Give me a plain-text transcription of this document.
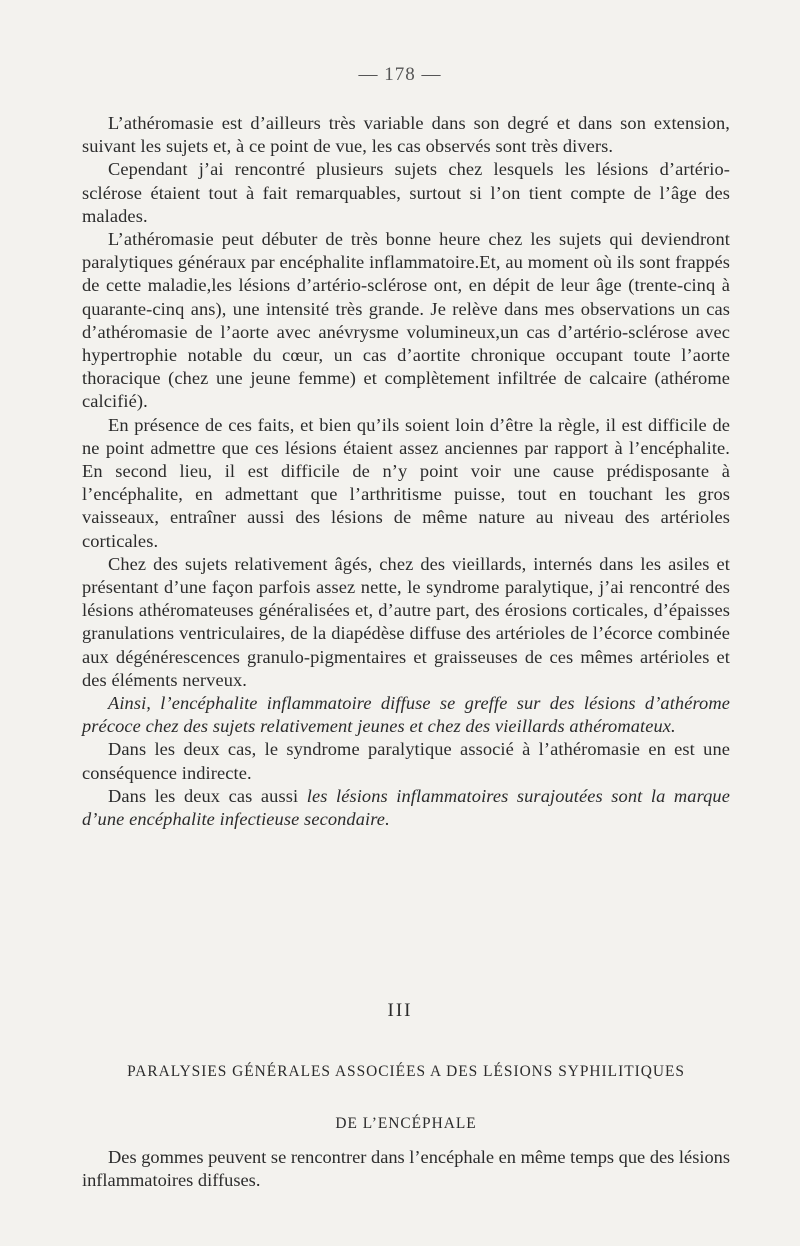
— 178 —

L’athéromasie est d’ailleurs très variable dans son degré et dans son extension, suivant les sujets et, à ce point de vue, les cas observés sont très divers.

Cependant j’ai rencontré plusieurs sujets chez lesquels les lésions d’artério-sclérose étaient tout à fait remarquables, surtout si l’on tient compte de l’âge des malades.

L’athéromasie peut débuter de très bonne heure chez les sujets qui deviendront paralytiques généraux par encéphalite inflammatoire.Et, au moment où ils sont frappés de cette maladie,les lésions d’artério-sclérose ont, en dépit de leur âge (trente-cinq à quarante-cinq ans), une intensité très grande. Je relève dans mes observations un cas d’athéromasie de l’aorte avec anévrysme volumineux,un cas d’artério-sclérose avec hypertrophie notable du cœur, un cas d’aortite chronique occupant toute l’aorte thoracique (chez une jeune femme) et complètement infiltrée de calcaire (athérome calcifié).

En présence de ces faits, et bien qu’ils soient loin d’être la règle, il est difficile de ne point admettre que ces lésions étaient assez anciennes par rapport à l’encéphalite. En second lieu, il est difficile de n’y point voir une cause prédisposante à l’encéphalite, en admettant que l’arthritisme puisse, tout en touchant les gros vaisseaux, entraîner aussi des lésions de même nature au niveau des artérioles corticales.

Chez des sujets relativement âgés, chez des vieillards, internés dans les asiles et présentant d’une façon parfois assez nette, le syndrome paralytique, j’ai rencontré des lésions athéromateuses généralisées et, d’autre part, des érosions corticales, d’épaisses granulations ventriculaires, de la diapédèse diffuse des artérioles de l’écorce combinée aux dégénérescences granulo-pigmentaires et graisseuses de ces mêmes artérioles et des éléments nerveux.

Ainsi, l’encéphalite inflammatoire diffuse se greffe sur des lésions d’athérome précoce chez des sujets relativement jeunes et chez des vieillards athéromateux.

Dans les deux cas, le syndrome paralytique associé à l’athéromasie en est une conséquence indirecte.

Dans les deux cas aussi les lésions inflammatoires surajoutées sont la marque d’une encéphalite infectieuse secondaire.

III
PARALYSIES GÉNÉRALES ASSOCIÉES A DES LÉSIONS SYPHILITIQUES
DE L’ENCÉPHALE

Des gommes peuvent se rencontrer dans l’encéphale en même temps que des lésions inflammatoires diffuses.
